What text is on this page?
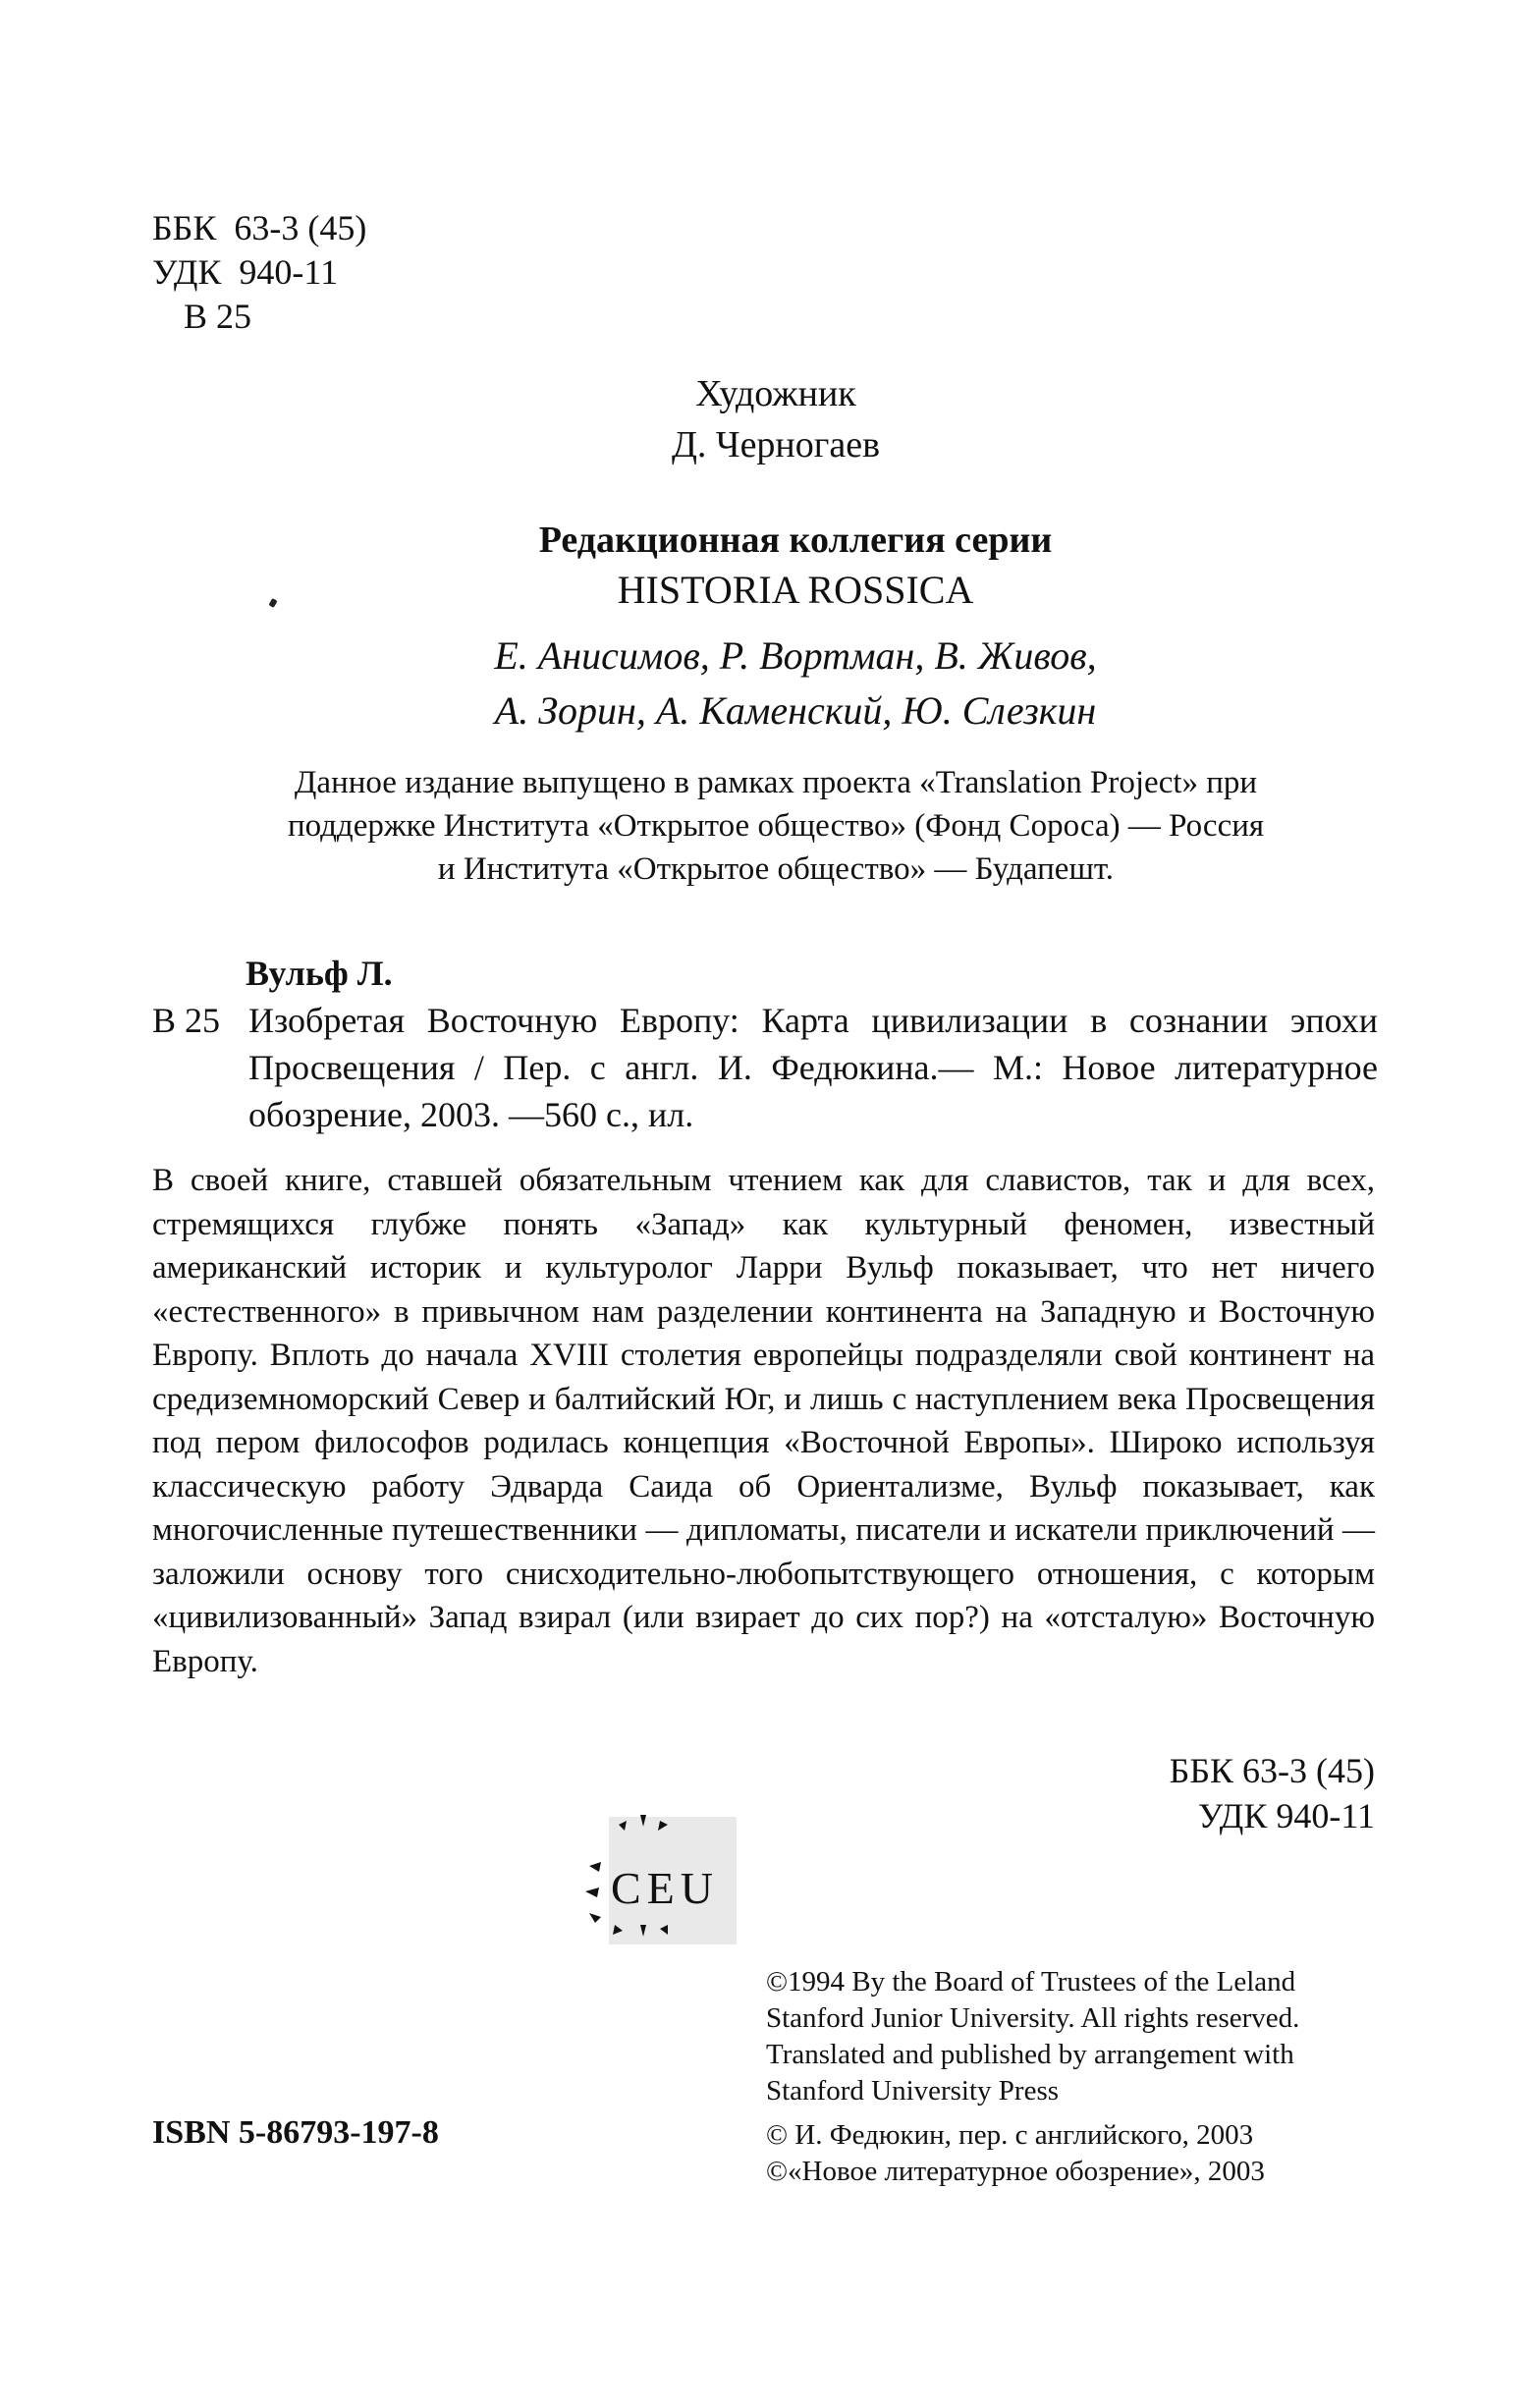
ББК  63-3 (45)
УДК  940-11
В 25
Художник
Д. Черногаев
Редакционная коллегия серии
HISTORIA ROSSICA
Е. Анисимов, Р. Вортман, В. Живов,
А. Зорин, А. Каменский, Ю. Слезкин
Данное издание выпущено в рамках проекта «Translation Project» при
поддержке Института «Открытое общество» (Фонд Сороса) — Россия
и Института «Открытое общество» — Будапешт.
Вульф Л.
В 25 Изобретая Восточную Европу: Карта цивилизации в сознании эпохи Просвещения / Пер. с англ. И. Федюкина.— М.: Новое литературное обозрение, 2003. —560 с., ил.

В своей книге, ставшей обязательным чтением как для славистов, так и для всех, стремящихся глубже понять «Запад» как культурный феномен, известный американский историк и культуролог Ларри Вульф показывает, что нет ничего «естественного» в привычном нам разделении континента на Западную и Восточную Европу. Вплоть до начала XVIII столетия европейцы подразделяли свой континент на средиземноморский Север и балтийский Юг, и лишь с наступлением века Просвещения под пером философов родилась концепция «Восточной Европы». Широко используя классическую работу Эдварда Саида об Ориентализме, Вульф показывает, как многочисленные путешественники — дипломаты, писатели и искатели приключений — заложили основу того снисходительно-любопытствующего отношения, с которым «цивилизованный» Запад взирал (или взирает до сих пор?) на «отсталую» Восточную Европу.

ББК 63-3 (45)
УДК 940-11
CEU

©1994 By the Board of Trustees of the Leland

Stanford Junior University. All rights reserved.

Translated and published by arrangement with

Stanford University Press

© И. Федюкин, пер. с английского, 2003

©«Новое литературное обозрение», 2003

ISBN 5-86793-197-8
